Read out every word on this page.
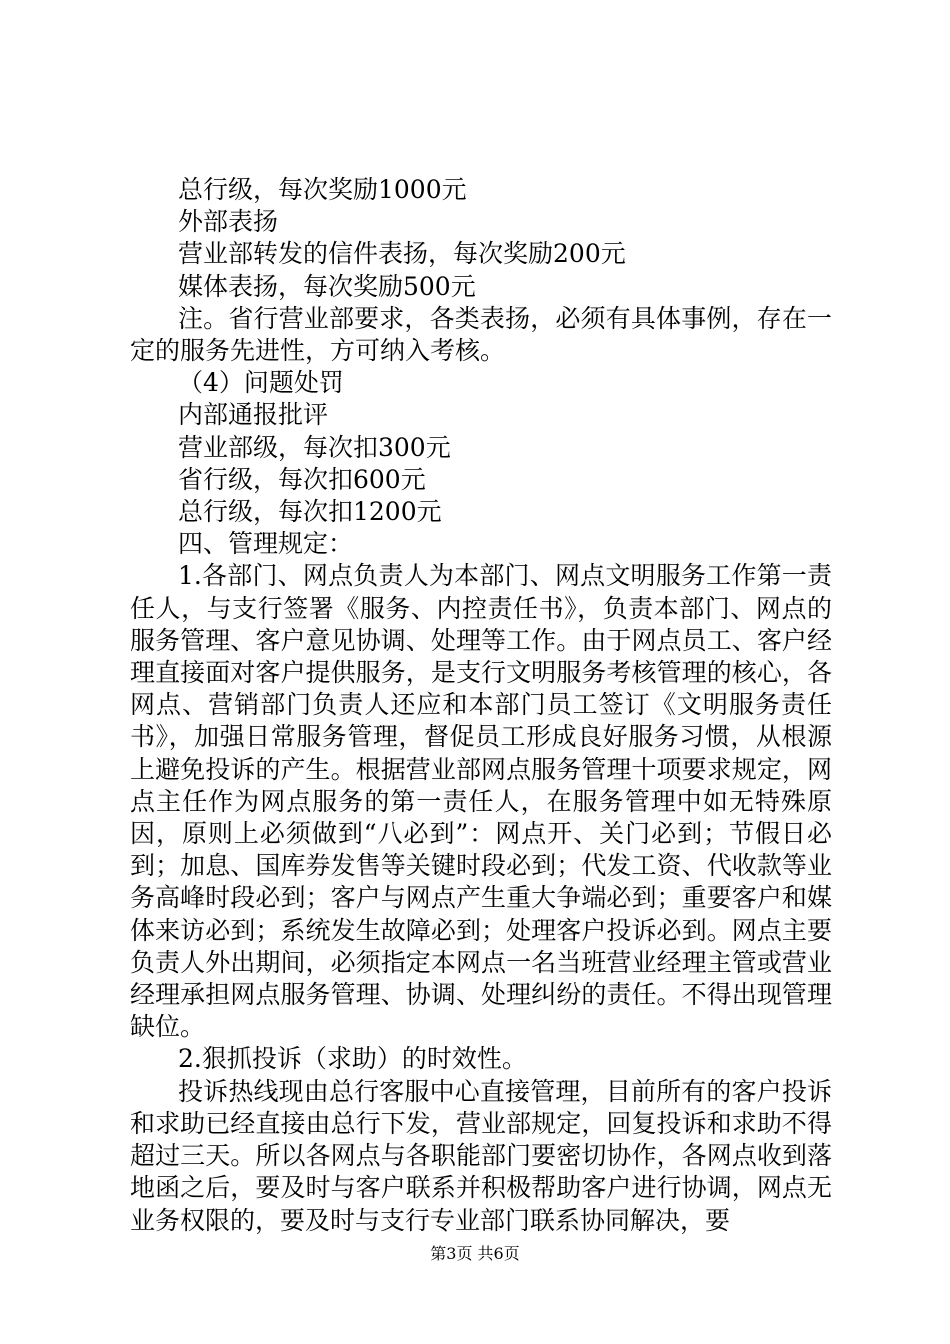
总行级，每次奖励1000元

外部表扬

营业部转发的信件表扬，每次奖励200元

媒体表扬，每次奖励500元

注。省行营业部要求，各类表扬，必须有具体事例，存在一定的服务先进性，方可纳入考核。

（4）问题处罚

内部通报批评

营业部级，每次扣300元

省行级，每次扣600元

总行级，每次扣1200元

四、管理规定：

1.各部门、网点负责人为本部门、网点文明服务工作第一责任人，与支行签署《服务、内控责任书》，负责本部门、网点的服务管理、客户意见协调、处理等工作。由于网点员工、客户经理直接面对客户提供服务，是支行文明服务考核管理的核心，各网点、营销部门负责人还应和本部门员工签订《文明服务责任书》，加强日常服务管理，督促员工形成良好服务习惯，从根源上避免投诉的产生。根据营业部网点服务管理十项要求规定，网点主任作为网点服务的第一责任人，在服务管理中如无特殊原因，原则上必须做到“八必到”：网点开、关门必到；节假日必到；加息、国库券发售等关键时段必到；代发工资、代收款等业务高峰时段必到；客户与网点产生重大争端必到；重要客户和媒体来访必到；系统发生故障必到；处理客户投诉必到。网点主要负责人外出期间，必须指定本网点一名当班营业经理主管或营业经理承担网点服务管理、协调、处理纠纷的责任。不得出现管理缺位。

2.狠抓投诉（求助）的时效性。

投诉热线现由总行客服中心直接管理，目前所有的客户投诉和求助已经直接由总行下发，营业部规定，回复投诉和求助不得超过三天。所以各网点与各职能部门要密切协作，各网点收到落地函之后，要及时与客户联系并积极帮助客户进行协调，网点无业务权限的，要及时与支行专业部门联系协同解决，要

第3页 共6页
